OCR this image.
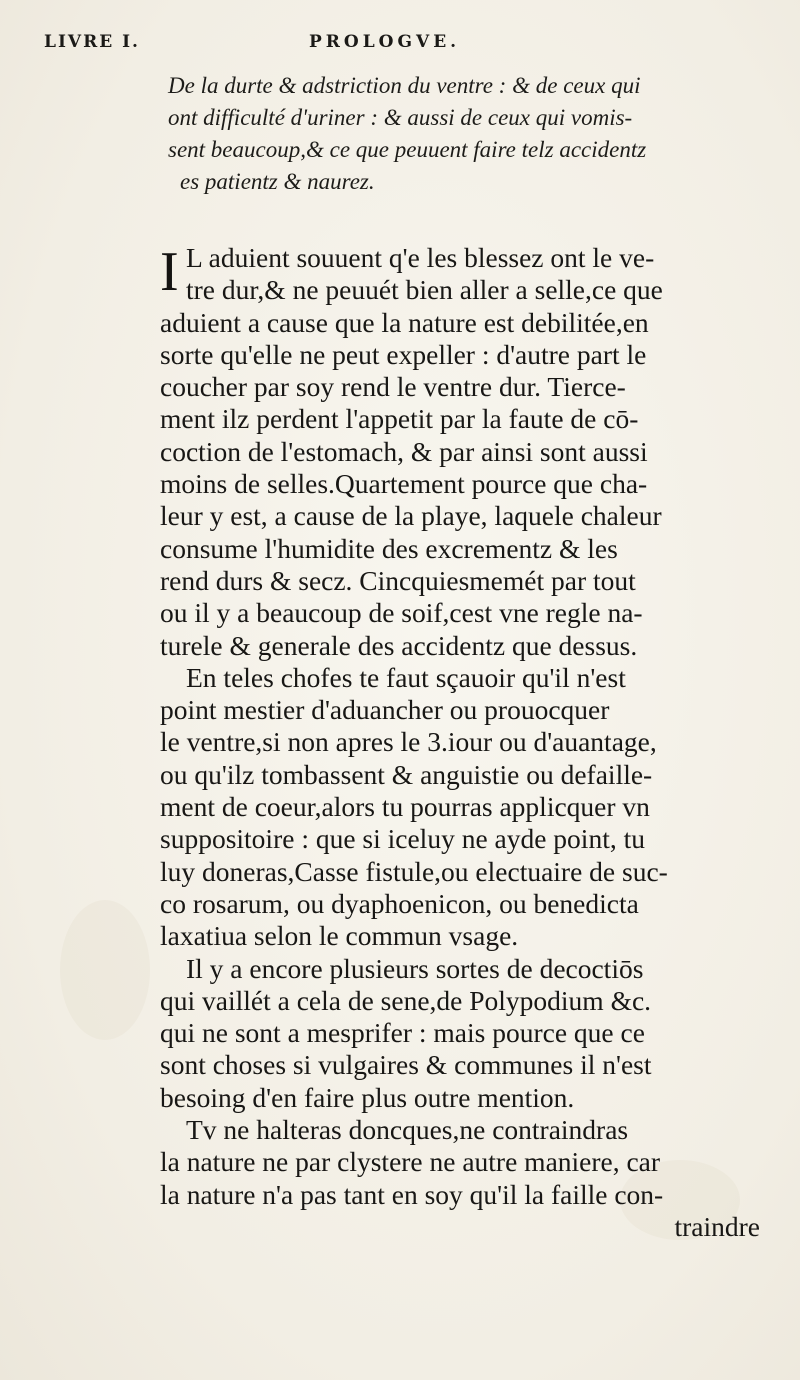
LIVRE I.	PROLOGVE.
De la durte & adstriction du ventre : & de ceux qui
ont difficulté d'uriner : & aussi de ceux qui vomis-
sent beaucoup,& ce que peuuent faire telz accidentz
es patientz & naurez.
I L aduient souuent q'e les blessez ont le ve-
tre dur,& ne peuuét bien aller a selle,ce que
aduient a cause que la nature est debilitée,en
sorte qu'elle ne peut expeller : d'autre part le
coucher par soy rend le ventre dur. Tierce-
ment ilz perdent l'appetit par la faute de cō-
coction de l'estomach, & par ainsi sont aussi
moins de selles.Quartement pource que cha-
leur y est, a cause de la playe, laquele chaleur
consume l'humidite des excrementz & les
rend durs & secz. Cincquiesmemét par tout
ou il y a beaucoup de soif,cest vne regle na-
turele & generale des accidentz que dessus.
En teles chofes te faut sçauoir qu'il n'est
point mestier d'aduancher ou prouocquer
le ventre,si non apres le 3.iour ou d'auantage,
ou qu'ilz tombassent & anguistie ou defaille-
ment de coeur,alors tu pourras applicquer vn
suppositoire : que si iceluy ne ayde point, tu
luy doneras,Casse fistule,ou electuaire de suc-
co rosarum, ou dyaphoenicon, ou benedicta
laxatiua selon le commun vsage.
Il y a encore plusieurs sortes de decoctiōs
qui vaillét a cela de sene,de Polypodium &c.
qui ne sont a mesprifer : mais pource que ce
sont choses si vulgaires & communes il n'est
besoing d'en faire plus outre mention.
Tv ne halteras doncques,ne contraindras
la nature ne par clystere ne autre maniere, car
la nature n'a pas tant en soy qu'il la faille con-
traindre
